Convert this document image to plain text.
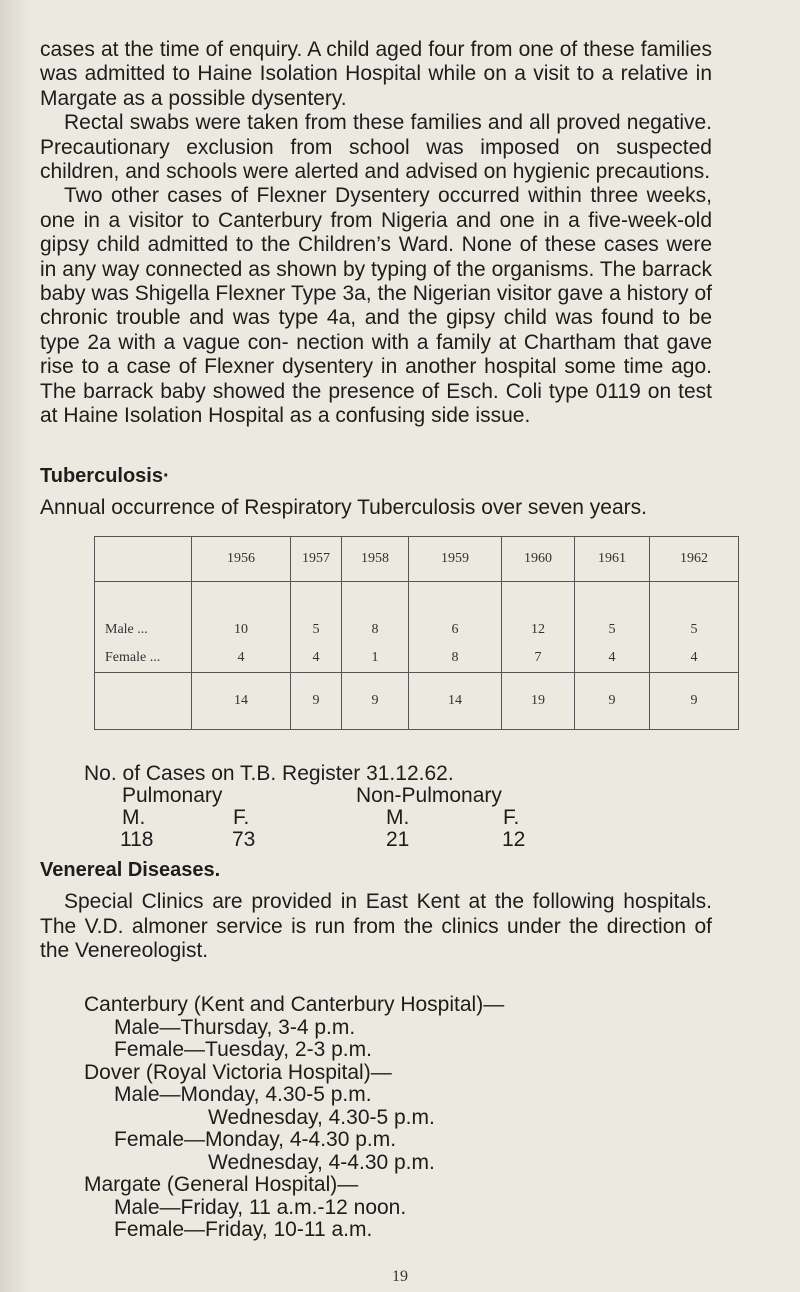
cases at the time of enquiry. A child aged four from one of these families was admitted to Haine Isolation Hospital while on a visit to a relative in Margate as a possible dysentery.

Rectal swabs were taken from these families and all proved negative. Precautionary exclusion from school was imposed on suspected children, and schools were alerted and advised on hygienic precautions.

Two other cases of Flexner Dysentery occurred within three weeks, one in a visitor to Canterbury from Nigeria and one in a five-week-old gipsy child admitted to the Children’s Ward. None of these cases were in any way connected as shown by typing of the organisms. The barrack baby was Shigella Flexner Type 3a, the Nigerian visitor gave a history of chronic trouble and was type 4a, and the gipsy child was found to be type 2a with a vague con- nection with a family at Chartham that gave rise to a case of Flexner dysentery in another hospital some time ago. The barrack baby showed the presence of Esch. Coli type 0119 on test at Haine Isolation Hospital as a confusing side issue.

Tuberculosis·

Annual occurrence of Respiratory Tuberculosis over seven years.

	1956	1957	1958	1959	1960	1961	1962
Male ...	10	5	8	6	12	5	5
Female ...	4	4	1	8	7	4	4
	14	9	9	14	19	9	9
No. of Cases on T.B. Register 31.12.62.
Pulmonary	Non-Pulmonary
M.	F.	M.	F.
118	73	21	12

Venereal Diseases.

Special Clinics are provided in East Kent at the following hospitals. The V.D. almoner service is run from the clinics under the direction of the Venereologist.

Canterbury (Kent and Canterbury Hospital)—

Male—Thursday, 3-4 p.m.

Female—Tuesday, 2-3 p.m.

Dover (Royal Victoria Hospital)—

Male—Monday, 4.30-5 p.m.

Wednesday, 4.30-5 p.m.

Female—Monday, 4-4.30 p.m.

Wednesday, 4-4.30 p.m.

Margate (General Hospital)—

Male—Friday, 11 a.m.-12 noon.

Female—Friday, 10-11 a.m.

19
